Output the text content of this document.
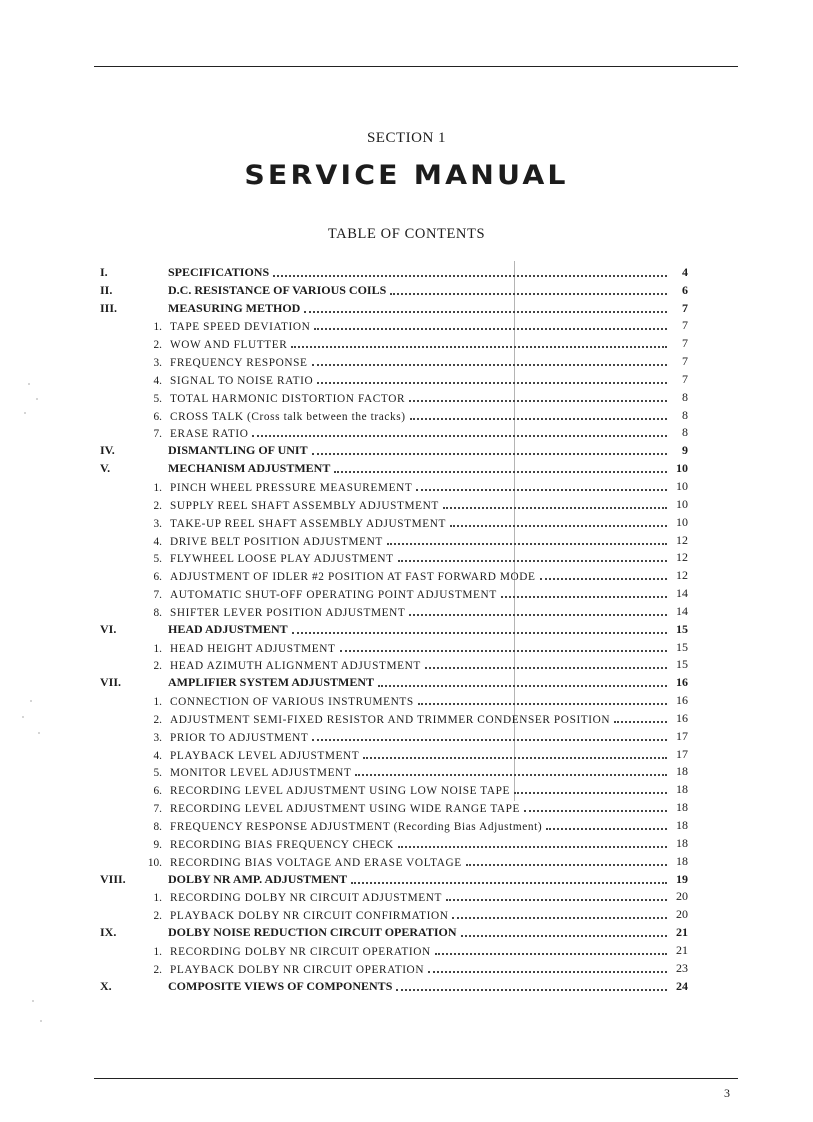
SECTION 1
SERVICE MANUAL
TABLE OF CONTENTS
I.	SPECIFICATIONS	4
II.	D.C. RESISTANCE OF VARIOUS COILS	6
III.	MEASURING METHOD	7
1. TAPE SPEED DEVIATION	7
2. WOW AND FLUTTER	7
3. FREQUENCY RESPONSE	7
4. SIGNAL TO NOISE RATIO	7
5. TOTAL HARMONIC DISTORTION FACTOR	8
6. CROSS TALK (Cross talk between the tracks)	8
7. ERASE RATIO	8
IV.	DISMANTLING OF UNIT	9
V.	MECHANISM ADJUSTMENT	10
1. PINCH WHEEL PRESSURE MEASUREMENT	10
2. SUPPLY REEL SHAFT ASSEMBLY ADJUSTMENT	10
3. TAKE-UP REEL SHAFT ASSEMBLY ADJUSTMENT	10
4. DRIVE BELT POSITION ADJUSTMENT	12
5. FLYWHEEL LOOSE PLAY ADJUSTMENT	12
6. ADJUSTMENT OF IDLER #2 POSITION AT FAST FORWARD MODE	12
7. AUTOMATIC SHUT-OFF OPERATING POINT ADJUSTMENT	14
8. SHIFTER LEVER POSITION ADJUSTMENT	14
VI.	HEAD ADJUSTMENT	15
1. HEAD HEIGHT ADJUSTMENT	15
2. HEAD AZIMUTH ALIGNMENT ADJUSTMENT	15
VII.	AMPLIFIER SYSTEM ADJUSTMENT	16
1. CONNECTION OF VARIOUS INSTRUMENTS	16
2. ADJUSTMENT SEMI-FIXED RESISTOR AND TRIMMER CONDENSER POSITION	16
3. PRIOR TO ADJUSTMENT	17
4. PLAYBACK LEVEL ADJUSTMENT	17
5. MONITOR LEVEL ADJUSTMENT	18
6. RECORDING LEVEL ADJUSTMENT USING LOW NOISE TAPE	18
7. RECORDING LEVEL ADJUSTMENT USING WIDE RANGE TAPE	18
8. FREQUENCY RESPONSE ADJUSTMENT (Recording Bias Adjustment)	18
9. RECORDING BIAS FREQUENCY CHECK	18
10. RECORDING BIAS VOLTAGE AND ERASE VOLTAGE	18
VIII.	DOLBY NR AMP. ADJUSTMENT	19
1. RECORDING DOLBY NR CIRCUIT ADJUSTMENT	20
2. PLAYBACK DOLBY NR CIRCUIT CONFIRMATION	20
IX.	DOLBY NOISE REDUCTION CIRCUIT OPERATION	21
1. RECORDING DOLBY NR CIRCUIT OPERATION	21
2. PLAYBACK DOLBY NR CIRCUIT OPERATION	23
X.	COMPOSITE VIEWS OF COMPONENTS	24
3
